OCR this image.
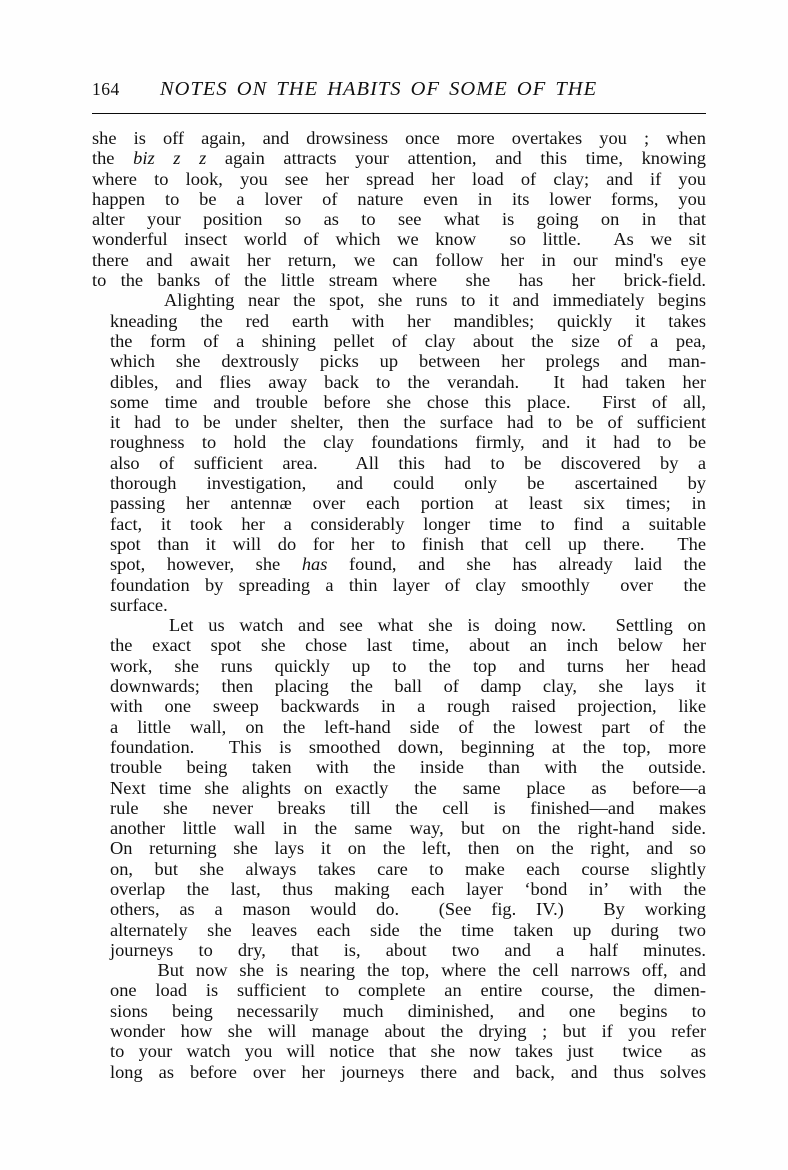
164	NOTES ON THE HABITS OF SOME OF THE

she is off again, and drowsiness once more overtakes you ; when
the biz z z again attracts your attention, and this time, knowing
where to look, you see her spread her load of clay; and if you
happen to be a lover of nature even in its lower forms, you
alter your position so as to see what is going on in that
wonderful insect world of which we know  so little.  As we sit
there and await her return, we can follow her in our mind's eye
to the banks of the little stream where  she  has  her  brick-field.

Alighting near the spot, she runs to it and immediately begins
kneading the red earth with her mandibles; quickly it takes
the form of a shining pellet of clay about the size of a pea,
which she dextrously picks up between her prolegs and man-
dibles, and flies away back to the verandah.  It had taken her
some time and trouble before she chose this place.  First of all,
it had to be under shelter, then the surface had to be of sufficient
roughness to hold the clay foundations firmly, and it had to be
also of sufficient area.  All this had to be discovered by a
thorough investigation, and could only be ascertained by
passing her antennæ over each portion at least six times; in
fact, it took her a considerably longer time to find a suitable
spot than it will do for her to finish that cell up there.  The
spot, however, she has found, and she has already laid the
foundation by spreading a thin layer of clay smoothly  over  the
surface.

Let us watch and see what she is doing now.  Settling on
the exact spot she chose last time, about an inch below her
work, she runs quickly up to the top and turns her head
downwards; then placing the ball of damp clay, she lays it
with one sweep backwards in a rough raised projection, like
a little wall, on the left-hand side of the lowest part of the
foundation.  This is smoothed down, beginning at the top, more
trouble being taken with the inside than with the outside.
Next time she alights on exactly  the  same  place  as  before—a
rule she never breaks till the cell is finished—and makes
another little wall in the same way, but on the right-hand side.
On returning she lays it on the left, then on the right, and so
on, but she always takes care to make each course slightly
overlap the last, thus making each layer ‘bond in’ with the
others, as a mason would do.  (See fig. IV.)  By working
alternately she leaves each side the time taken up during two
journeys to dry, that is, about two and a half minutes.

But now she is nearing the top, where the cell narrows off, and
one load is sufficient to complete an entire course, the dimen-
sions being necessarily much diminished, and one begins to
wonder how she will manage about the drying ; but if you refer
to your watch you will notice that she now takes just  twice  as
long as before over her journeys there and back, and thus solves
